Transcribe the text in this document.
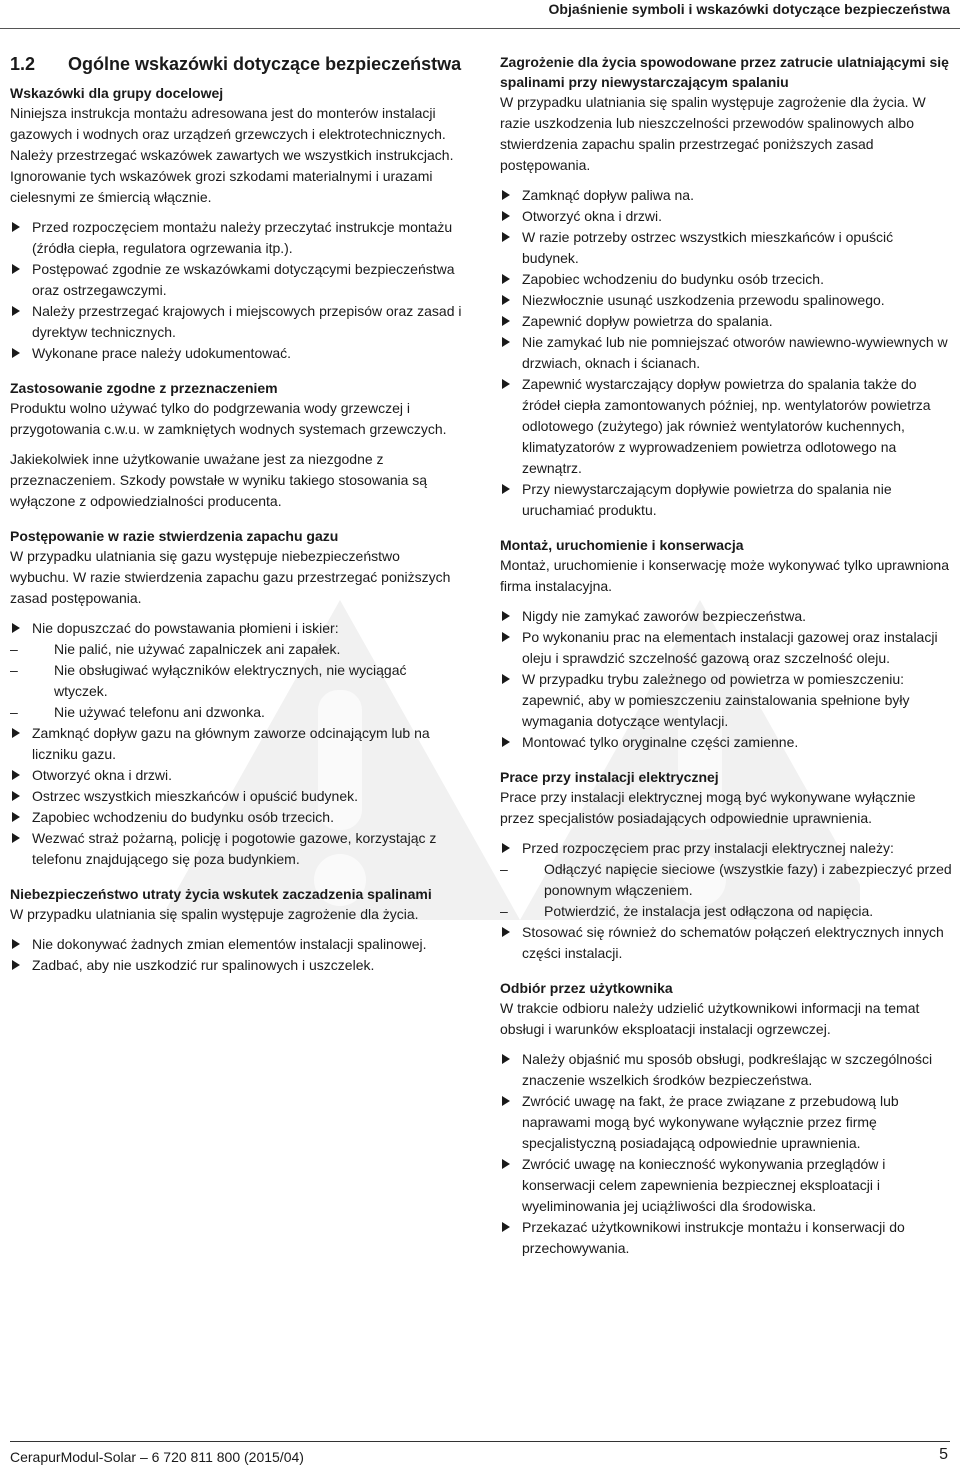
Objaśnienie symboli i wskazówki dotyczące bezpieczeństwa
1.2 Ogólne wskazówki dotyczące bezpieczeństwa
Wskazówki dla grupy docelowej

Niniejsza instrukcja montażu adresowana jest do monterów instalacji gazowych i wodnych oraz urządzeń grzewczych i elektrotechnicznych. Należy przestrzegać wskazówek zawartych we wszystkich instrukcjach. Ignorowanie tych wskazówek grozi szkodami materialnymi i urazami cielesnymi ze śmiercią włącznie.

Przed rozpoczęciem montażu należy przeczytać instrukcje montażu (źródła ciepła, regulatora ogrzewania itp.).
Postępować zgodnie ze wskazówkami dotyczącymi bezpieczeństwa oraz ostrzegawczymi.
Należy przestrzegać krajowych i miejscowych przepisów oraz zasad i dyrektyw technicznych.
Wykonane prace należy udokumentować.
Zastosowanie zgodne z przeznaczeniem

Produktu wolno używać tylko do podgrzewania wody grzewczej i przygotowania c.w.u. w zamkniętych wodnych systemach grzewczych.

Jakiekolwiek inne użytkowanie uważane jest za niezgodne z przeznaczeniem. Szkody powstałe w wyniku takiego stosowania są wyłączone z odpowiedzialności producenta.

Postępowanie w razie stwierdzenia zapachu gazu

W przypadku ulatniania się gazu występuje niebezpieczeństwo wybuchu. W razie stwierdzenia zapachu gazu przestrzegać poniższych zasad postępowania.

Nie dopuszczać do powstawania płomieni i iskier:
– Nie palić, nie używać zapalniczek ani zapałek.
– Nie obsługiwać wyłączników elektrycznych, nie wyciągać wtyczek.
– Nie używać telefonu ani dzwonka.
Zamknąć dopływ gazu na głównym zaworze odcinającym lub na liczniku gazu.
Otworzyć okna i drzwi.
Ostrzec wszystkich mieszkańców i opuścić budynek.
Zapobiec wchodzeniu do budynku osób trzecich.
Wezwać straż pożarną, policję i pogotowie gazowe, korzystając z telefonu znajdującego się poza budynkiem.
Niebezpieczeństwo utraty życia wskutek zaczadzenia spalinami

W przypadku ulatniania się spalin występuje zagrożenie dla życia.

Nie dokonywać żadnych zmian elementów instalacji spalinowej.
Zadbać, aby nie uszkodzić rur spalinowych i uszczelek.
Zagrożenie dla życia spowodowane przez zatrucie ulatniającymi się spalinami przy niewystarczającym spalaniu

W przypadku ulatniania się spalin występuje zagrożenie dla życia. W razie uszkodzenia lub nieszczelności przewodów spalinowych albo stwierdzenia zapachu spalin przestrzegać poniższych zasad postępowania.

Zamknąć dopływ paliwa na.
Otworzyć okna i drzwi.
W razie potrzeby ostrzec wszystkich mieszkańców i opuścić budynek.
Zapobiec wchodzeniu do budynku osób trzecich.
Niezwłocznie usunąć uszkodzenia przewodu spalinowego.
Zapewnić dopływ powietrza do spalania.
Nie zamykać lub nie pomniejszać otworów nawiewno-wywiewnych w drzwiach, oknach i ścianach.
Zapewnić wystarczający dopływ powietrza do spalania także do źródeł ciepła zamontowanych później, np. wentylatorów powietrza odlotowego (zużytego) jak również wentylatorów kuchennych, klimatyzatorów z wyprowadzeniem powietrza odlotowego na zewnątrz.
Przy niewystarczającym dopływie powietrza do spalania nie uruchamiać produktu.
Montaż, uruchomienie i konserwacja

Montaż, uruchomienie i konserwację może wykonywać tylko uprawniona firma instalacyjna.

Nigdy nie zamykać zaworów bezpieczeństwa.
Po wykonaniu prac na elementach instalacji gazowej oraz instalacji oleju i sprawdzić szczelność gazową oraz szczelność oleju.
W przypadku trybu zależnego od powietrza w pomieszczeniu: zapewnić, aby w pomieszczeniu zainstalowania spełnione były wymagania dotyczące wentylacji.
Montować tylko oryginalne części zamienne.
Prace przy instalacji elektrycznej

Prace przy instalacji elektrycznej mogą być wykonywane wyłącznie przez specjalistów posiadających odpowiednie uprawnienia.

Przed rozpoczęciem prac przy instalacji elektrycznej należy:
– Odłączyć napięcie sieciowe (wszystkie fazy) i zabezpieczyć przed ponownym włączeniem.
– Potwierdzić, że instalacja jest odłączona od napięcia.
Stosować się również do schematów połączeń elektrycznych innych części instalacji.
Odbiór przez użytkownika

W trakcie odbioru należy udzielić użytkownikowi informacji na temat obsługi i warunków eksploatacji instalacji ogrzewczej.

Należy objaśnić mu sposób obsługi, podkreślając w szczególności znaczenie wszelkich środków bezpieczeństwa.
Zwrócić uwagę na fakt, że prace związane z przebudową lub naprawami mogą być wykonywane wyłącznie przez firmę specjalistyczną posiadającą odpowiednie uprawnienia.
Zwrócić uwagę na konieczność wykonywania przeglądów i konserwacji celem zapewnienia bezpiecznej eksploatacji i wyeliminowania jej uciążliwości dla środowiska.
Przekazać użytkownikowi instrukcje montażu i konserwacji do przechowywania.
CerapurModul-Solar – 6 720 811 800 (2015/04)	5
